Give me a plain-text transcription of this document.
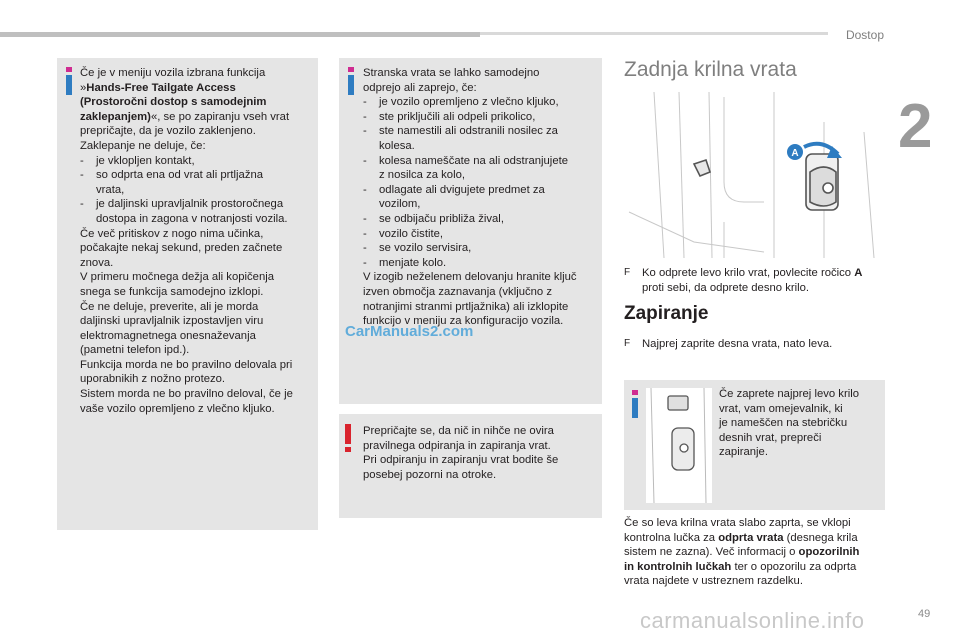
Dostop
2

Če je v meniju vozila izbrana funkcija

»Hands-Free Tailgate Access

(Prostoročni dostop s samodejnim

zaklepanjem)«, se po zapiranju vseh vrat

prepričajte, da je vozilo zaklenjeno.

Zaklepanje ne deluje, če:

-	je vklopljen kontakt,
-	so odprta ena od vrat ali prtljažna
vrata,
-	je daljinski upravljalnik prostoročnega
dostopa in zagona v notranjosti vozila.

Če več pritiskov z nogo nima učinka,

počakajte nekaj sekund, preden začnete

znova.

V primeru močnega dežja ali kopičenja

snega se funkcija samodejno izklopi.

Če ne deluje, preverite, ali je morda

daljinski upravljalnik izpostavljen viru

elektromagnetnega onesnaževanja

(pametni telefon ipd.).

Funkcija morda ne bo pravilno delovala pri

uporabnikih z nožno protezo.

Sistem morda ne bo pravilno deloval, če je

vaše vozilo opremljeno z vlečno kljuko.

Stranska vrata se lahko samodejno

odprejo ali zaprejo, če:

-	je vozilo opremljeno z vlečno kljuko,
-	ste priključili ali odpeli prikolico,
-	ste namestili ali odstranili nosilec za
kolesa.
-	kolesa nameščate na ali odstranjujete
z nosilca za kolo,
-	odlagate ali dvigujete predmet za
vozilom,
-	se odbijaču približa žival,
-	vozilo čistite,
-	se vozilo servisira,
-	menjate kolo.

V izogib neželenem delovanju hranite ključ

izven območja zaznavanja (vključno z

notranjimi stranmi prtljažnika) ali izklopite

funkcijo v meniju za konfiguracijo vozila.

CarManuals2.com

Prepričajte se, da nič in nihče ne ovira

pravilnega odpiranja in zapiranja vrat.

Pri odpiranju in zapiranju vrat bodite še

posebej pozorni na otroke.

Zadnja krilna vrata
A
F	Ko odprete levo krilo vrat, povlecite ročico A
proti sebi, da odprete desno krilo.
Zapiranje
F	Najprej zaprite desna vrata, nato leva.

Če zaprete najprej levo krilo

vrat, vam omejevalnik, ki

je nameščen na stebričku

desnih vrat, prepreči

zapiranje.

Če so leva krilna vrata slabo zaprta, se vklopi

kontrolna lučka za odprta vrata (desnega krila

sistem ne zazna). Več informacij o opozorilnih

in kontrolnih lučkah ter o opozorilu za odprta

vrata najdete v ustreznem razdelku.

carmanualsonline.info	49
